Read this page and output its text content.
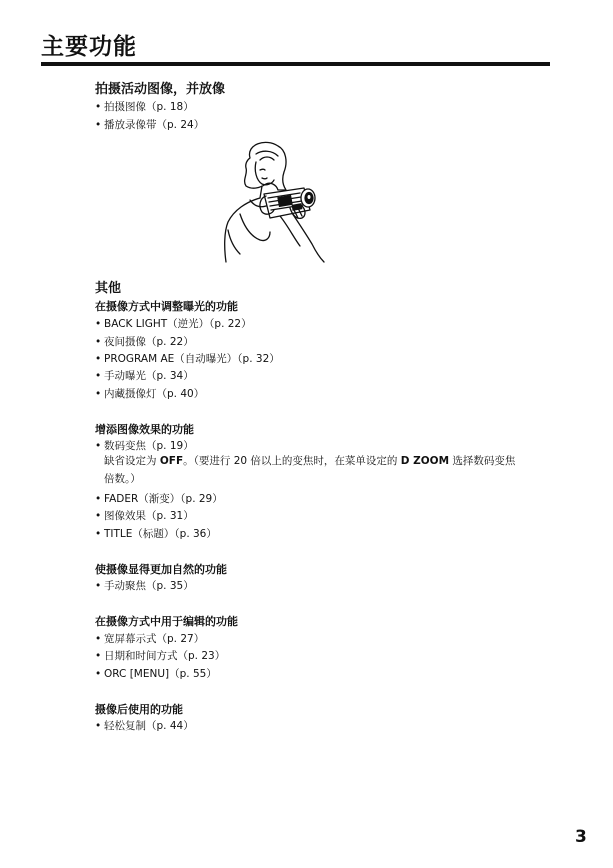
主要功能
拍摄活动图像，并放像

• 拍摄图像（p. 18）

• 播放录像带（p. 24）

其他
在摄像方式中调整曝光的功能

• BACK LIGHT（逆光）（p. 22）

• 夜间摄像（p. 22）

• PROGRAM AE（自动曝光）（p. 32）

• 手动曝光（p. 34）

• 内藏摄像灯（p. 40）

增添图像效果的功能

• 数码变焦（p. 19）

缺省设定为 OFF。（要进行 20 倍以上的变焦时，在菜单设定的 D ZOOM 选择数码变焦
倍数。）

• FADER（渐变）（p. 29）

• 图像效果（p. 31）

• TITLE（标题）（p. 36）

使摄像显得更加自然的功能

• 手动聚焦（p. 35）

在摄像方式中用于编辑的功能

• 宽屏幕示式（p. 27）

• 日期和时间方式（p. 23）

• ORC [MENU]（p. 55）

摄像后使用的功能

• 轻松复制（p. 44）

3
